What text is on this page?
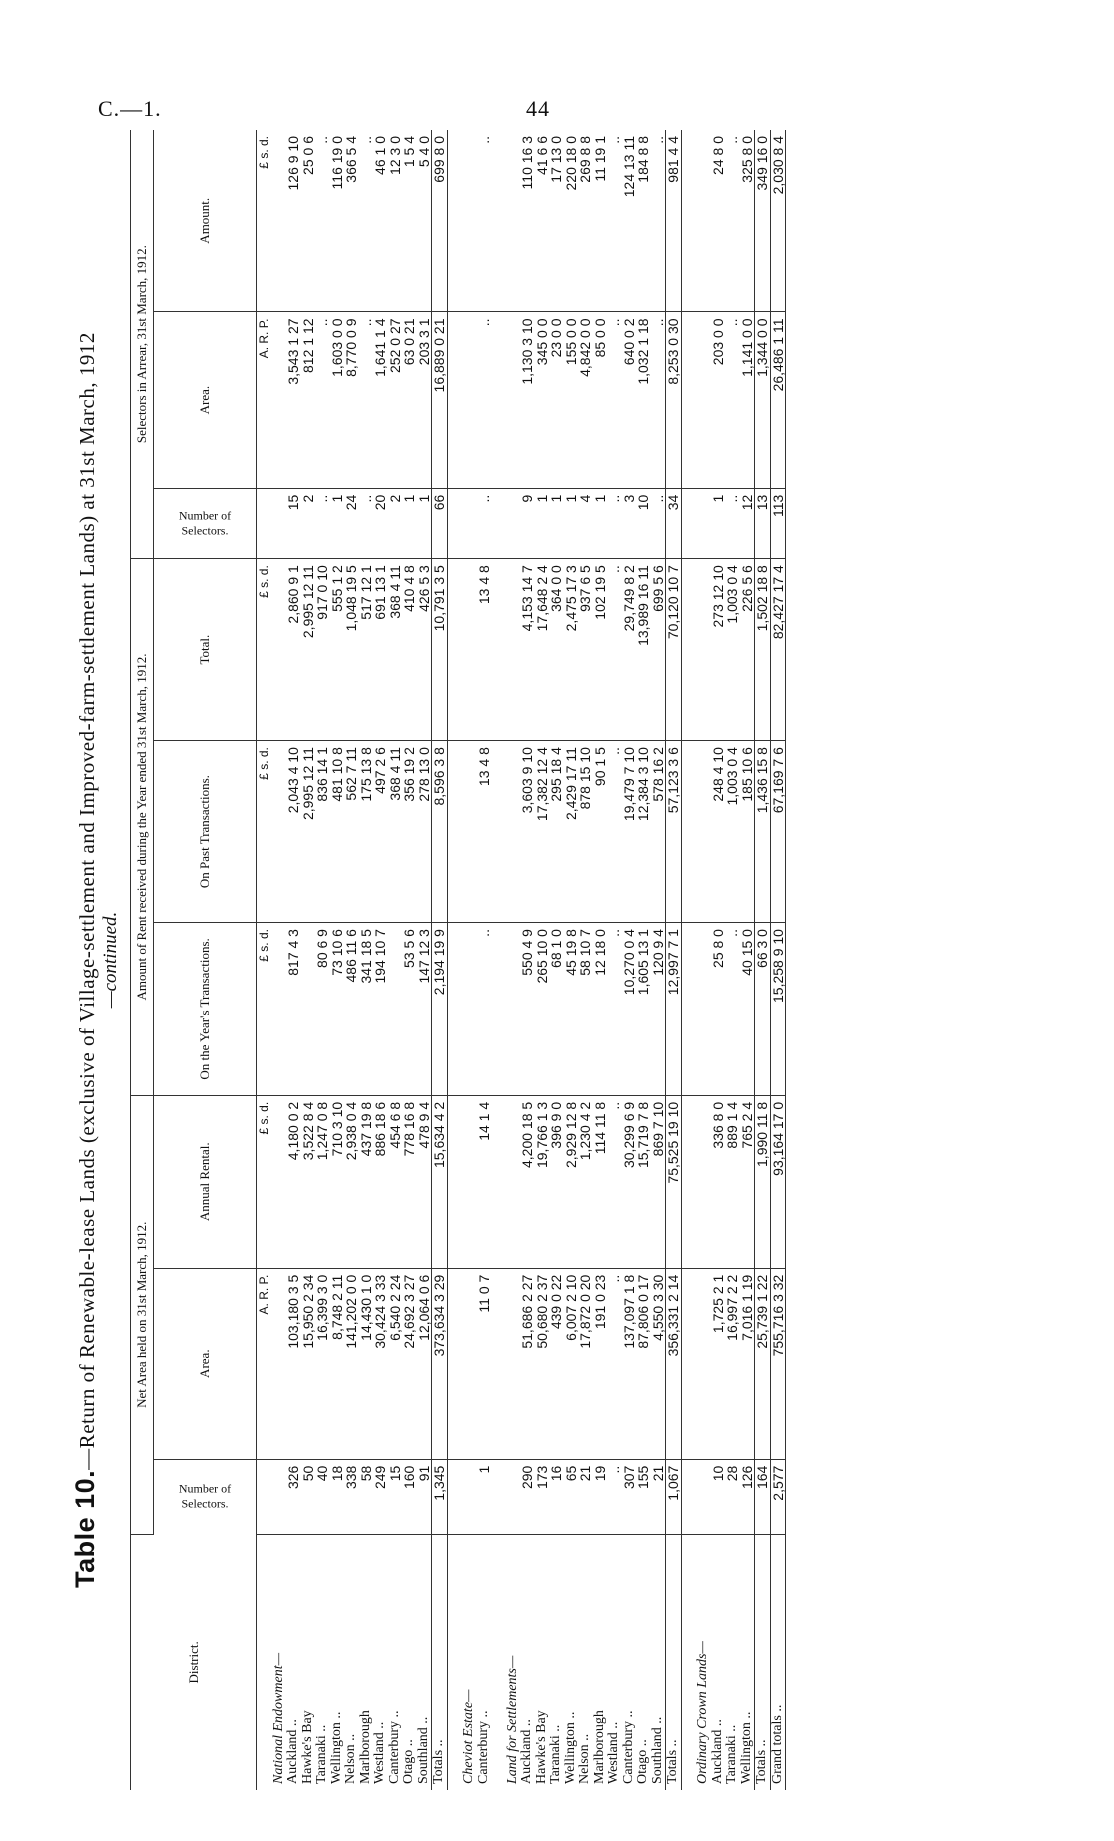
C.—1.	44
Table 10.—Return of Renewable-lease Lands (exclusive of Village-settlement and Improved-farm-settlement Lands) at 31st March, 1912 —continued.
District.	Net Area held on 31st March, 1912.			Amount of Rent received during the Year ended 31st March, 1912.			Selectors in Arrear, 31st March, 1912.		
	Number of Selectors.	Area.	Annual Rental.	On the Year's Transactions.	On Past Transactions.	Total.	Number of Selectors.	Area.	Amount.
		A. R. P.	£ s. d.	£ s. d.	£ s. d.	£ s. d.		A. R. P.	£ s. d.
National Endowment—									
Auckland ..	326	103,180 3 5	4,180 0 2	817 4 3	2,043 4 10	2,860 9 1	15	3,543 1 27	126 9 10
Hawke's Bay	50	15,950 2 34	3,522 8 4		2,995 12 11	2,995 12 11	2	812 1 12	25 0 6
Taranaki ..	40	16,399 3 0	1,247 0 8	80 6 9	836 14 1	917 0 10	..	..	..
Wellington ..	18	8,748 2 11	710 3 10	73 10 6	481 10 8	555 1 2	1	1,603 0 0	116 19 0
Nelson ..	338	141,202 0 0	2,938 0 4	486 11 6	562 7 11	1,048 19 5	24	8,770 0 9	366 5 4
Marlborough	58	14,430 1 0	437 19 8	341 18 5	175 13 8	517 12 1	..	..	..
Westland ..	249	30,424 3 33	886 18 6	194 10 7	497 2 6	691 13 1	20	1,641 1 4	46 1 0
Canterbury ..	15	6,540 2 24	454 6 8		368 4 11	368 4 11	2	252 0 27	12 3 0
Otago ..	160	24,692 3 27	778 16 8	53 5 6	356 19 2	410 4 8	1	63 0 21	1 5 4
Southland ..	91	12,064 0 6	478 9 4	147 12 3	278 13 0	426 5 3	1	203 3 1	5 4 0
Totals ..	1,345	373,634 3 29	15,634 4 2	2,194 19 9	8,596 3 8	10,791 3 5	66	16,889 0 21	699 8 0

Cheviot Estate—									
Canterbury ..	1	11 0 7	14 1 4	..	13 4 8	13 4 8	..	..	..

Land for Settlements—									
Auckland ..	290	51,686 2 27	4,200 18 5	550 4 9	3,603 9 10	4,153 14 7	9	1,130 3 10	110 16 3
Hawke's Bay	173	50,680 2 37	19,766 1 3	265 10 0	17,382 12 4	17,648 2 4	1	345 0 0	41 6 6
Taranaki ..	16	439 0 22	396 9 0	68 1 0	295 18 4	364 0 0	1	23 0 0	17 13 0
Wellington ..	65	6,007 2 10	2,929 12 8	45 19 8	2,429 17 11	2,475 17 3	1	155 0 0	220 18 0
Nelson ..	21	17,872 0 20	1,230 4 2	58 10 7	878 15 10	937 6 5	4	4,842 0 0	269 8 8
Marlborough	19	191 0 23	114 11 8	12 18 0	90 1 5	102 19 5	1	85 0 0	11 19 1
Westland ..	..	..	..	..	..	..	..	..	..
Canterbury ..	307	137,097 1 8	30,299 6 9	10,270 0 4	19,479 7 10	29,749 8 2	3	640 0 2	124 13 11
Otago ..	155	87,806 0 17	15,719 7 8	1,605 13 1	12,384 3 10	13,989 16 11	10	1,032 1 18	184 8 8
Southland ..	21	4,550 3 30	869 7 10	120 9 4	578 16 2	699 5 6	..	..	..
Totals ..	1,067	356,331 2 14	75,525 19 10	12,997 7 1	57,123 3 6	70,120 10 7	34	8,253 0 30	981 4 4

Ordinary Crown Lands—									
Auckland ..	10	1,725 2 1	336 8 0	25 8 0	248 4 10	273 12 10	1	203 0 0	24 8 0
Taranaki ..	28	16,997 2 2	889 1 4	..	1,003 0 4	1,003 0 4	..	..	..
Wellington ..	126	7,016 1 19	765 2 4	40 15 0	185 10 6	226 5 6	12	1,141 0 0	325 8 0
Totals ..	164	25,739 1 22	1,990 11 8	66 3 0	1,436 15 8	1,502 18 8	13	1,344 0 0	349 16 0
Grand totals ..	2,577	755,716 3 32	93,164 17 0	15,258 9 10	67,169 7 6	82,427 17 4	113	26,486 1 11	2,030 8 4
